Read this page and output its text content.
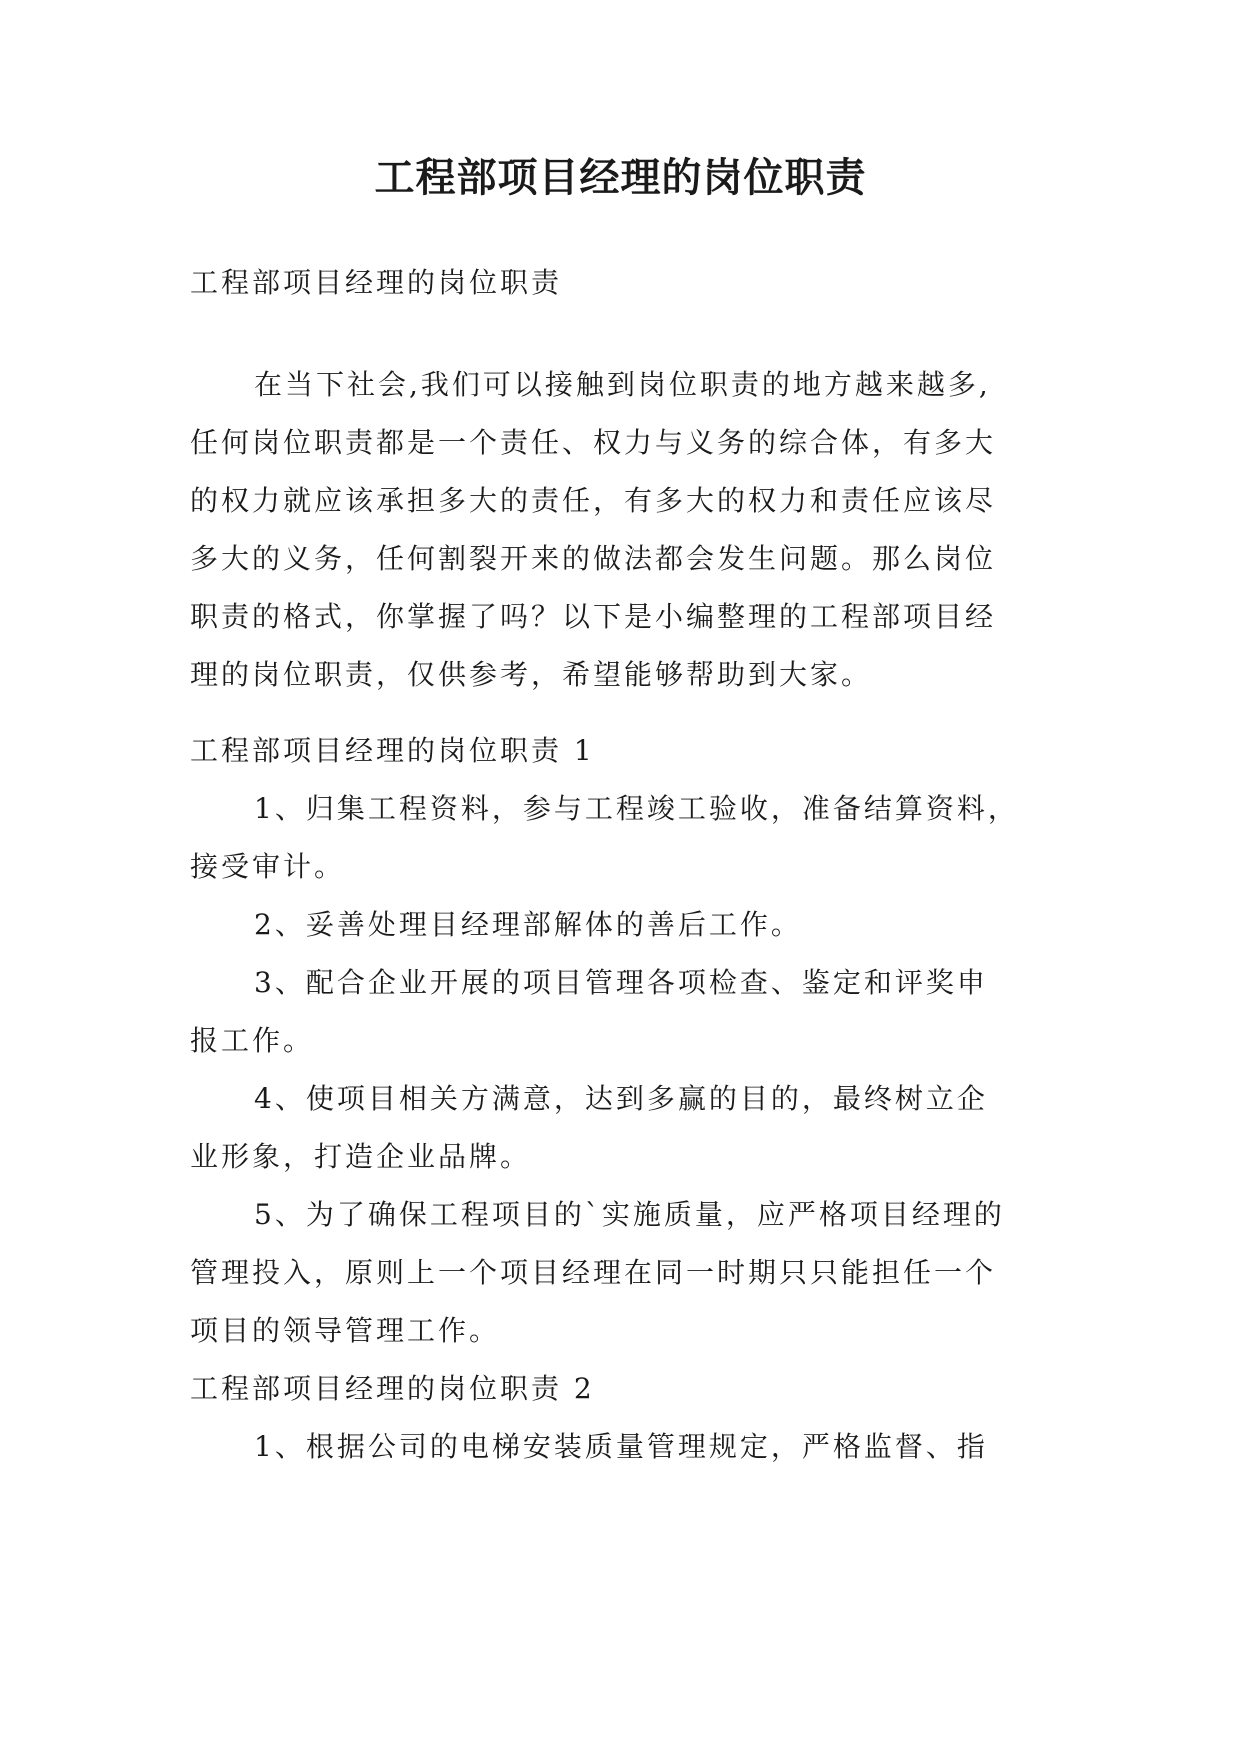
工程部项目经理的岗位职责
工程部项目经理的岗位职责
在当下社会,我们可以接触到岗位职责的地方越来越多,
任何岗位职责都是一个责任、权力与义务的综合体，有多大
的权力就应该承担多大的责任，有多大的权力和责任应该尽
多大的义务，任何割裂开来的做法都会发生问题。那么岗位
职责的格式，你掌握了吗？以下是小编整理的工程部项目经
理的岗位职责，仅供参考，希望能够帮助到大家。
工程部项目经理的岗位职责 1
1、归集工程资料，参与工程竣工验收，准备结算资料，
接受审计。
2、妥善处理目经理部解体的善后工作。
3、配合企业开展的项目管理各项检查、鉴定和评奖申
报工作。
4、使项目相关方满意，达到多赢的目的，最终树立企
业形象，打造企业品牌。
5、为了确保工程项目的`实施质量，应严格项目经理的
管理投入，原则上一个项目经理在同一时期只只能担任一个
项目的领导管理工作。
工程部项目经理的岗位职责 2
1、根据公司的电梯安装质量管理规定，严格监督、指
